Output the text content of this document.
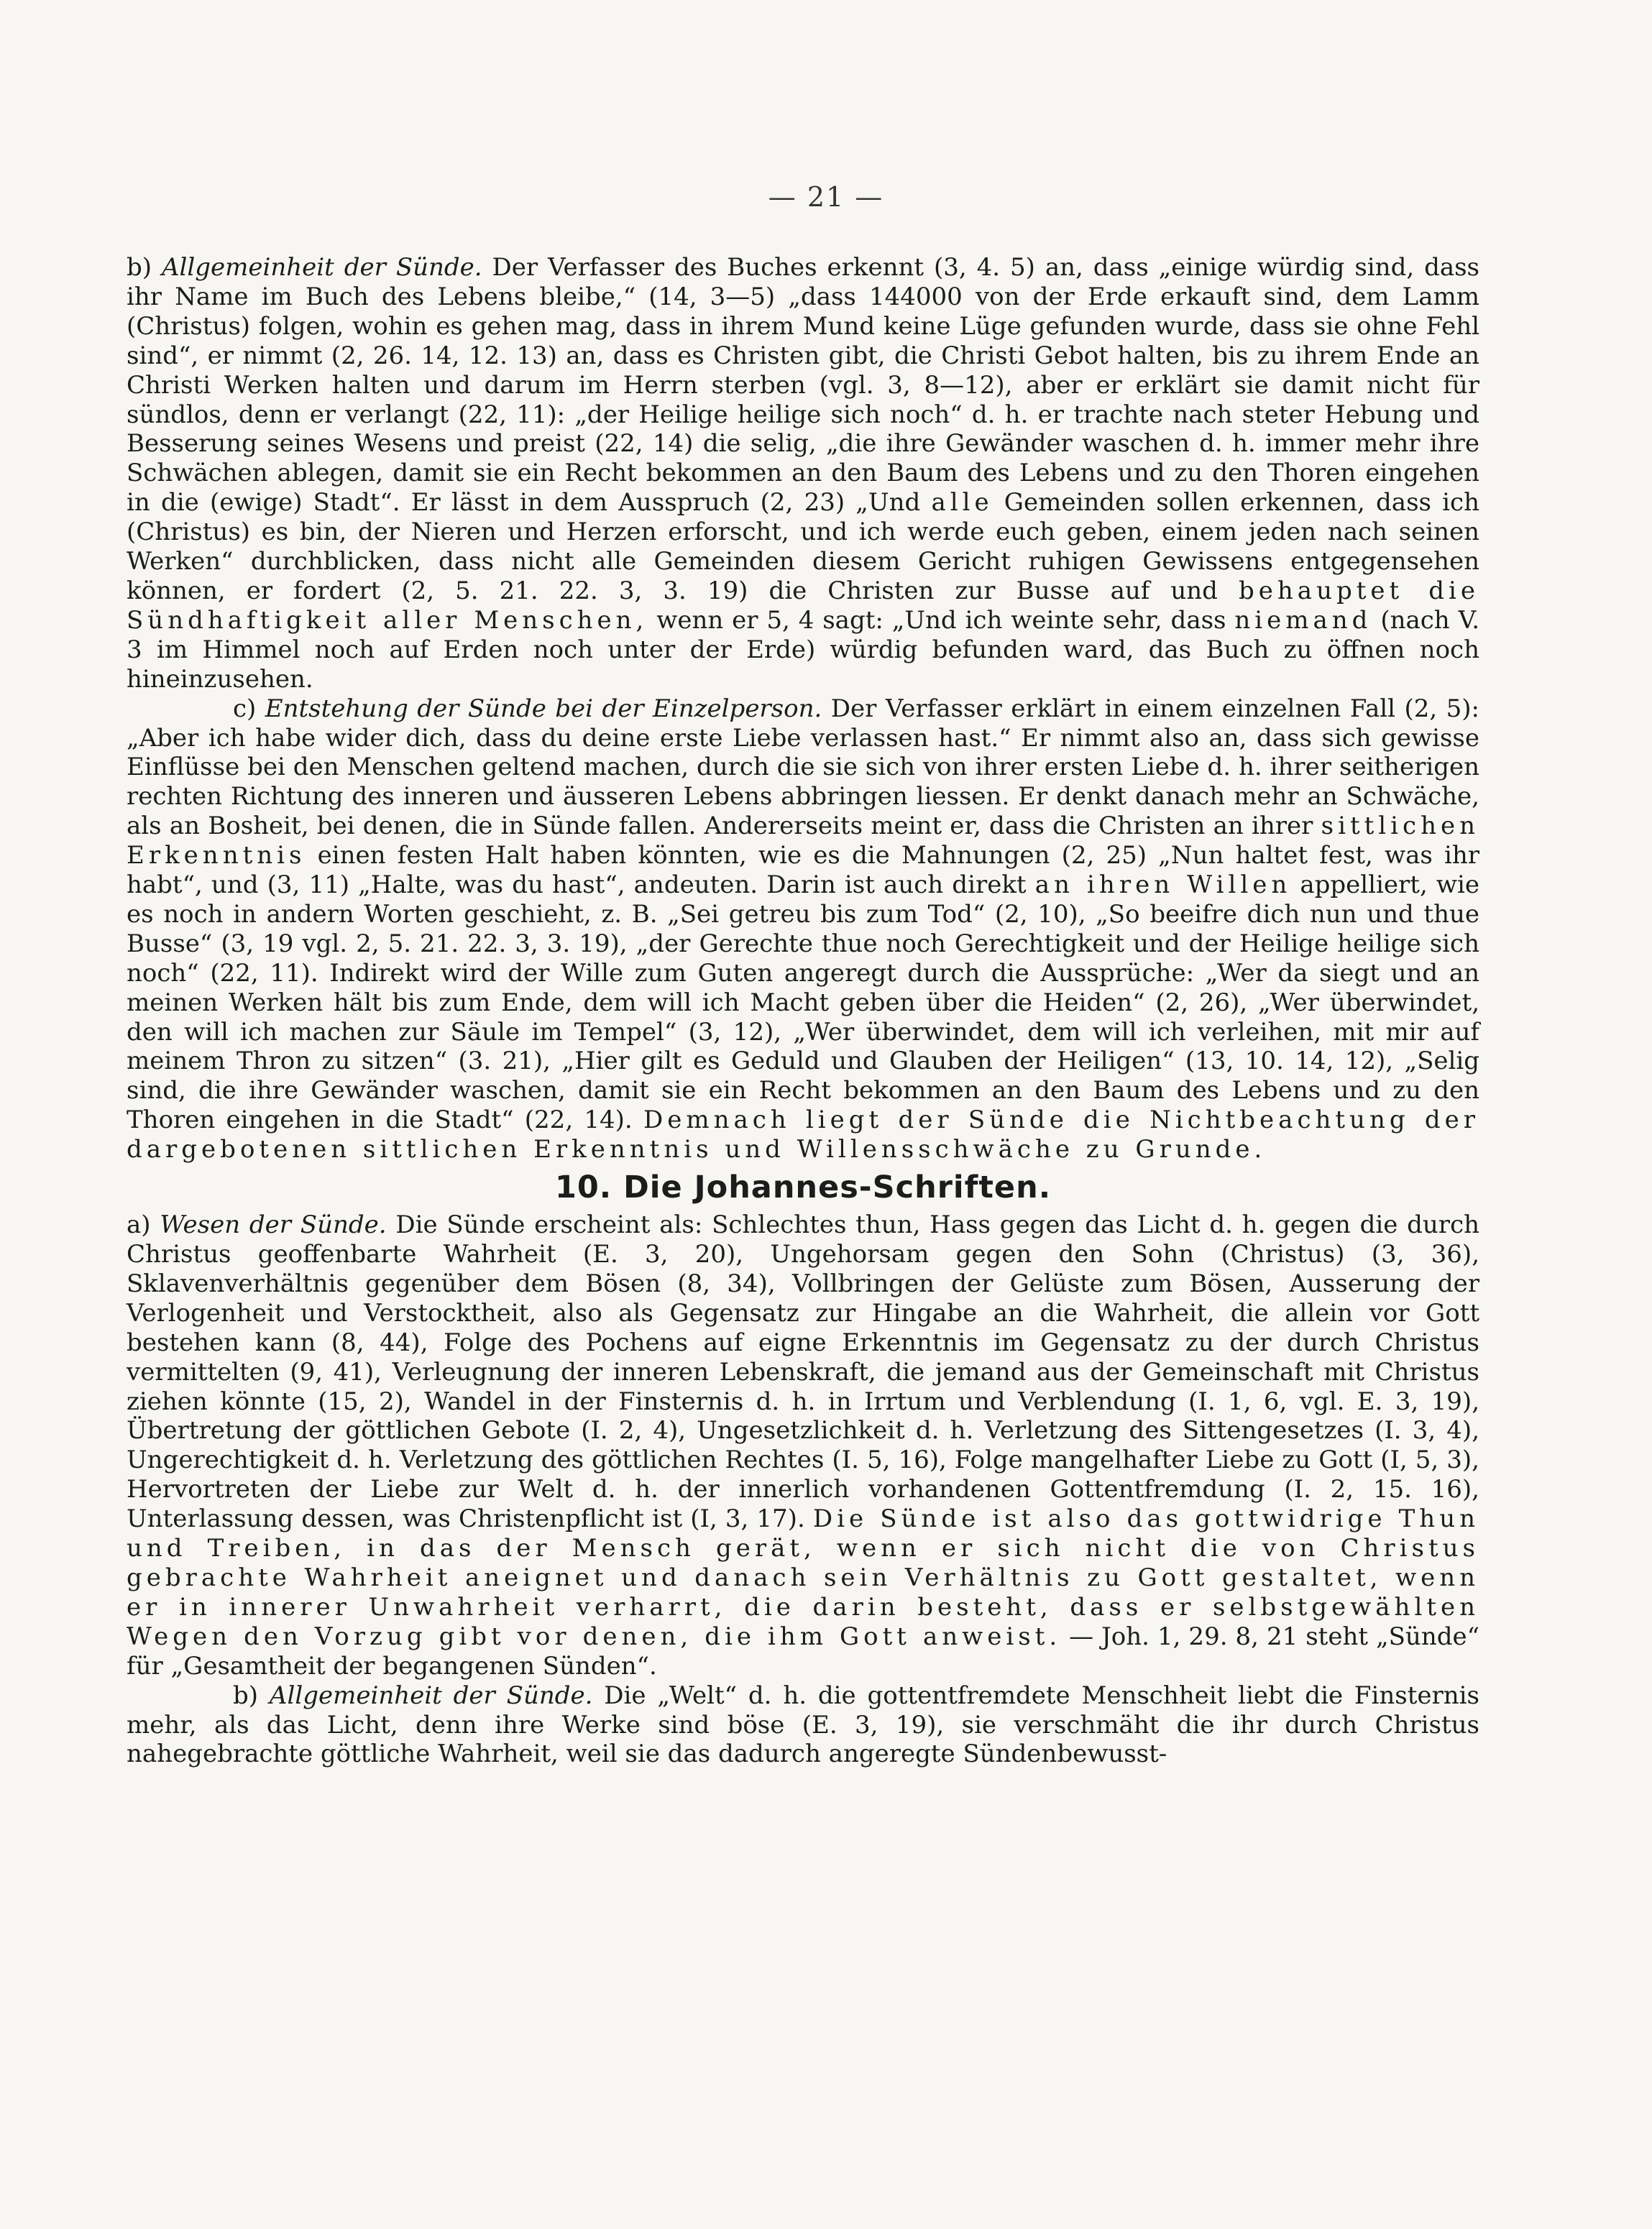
— 21 —

b) Allgemeinheit der Sünde. Der Verfasser des Buches erkennt (3, 4. 5) an, dass „einige würdig sind, dass ihr Name im Buch des Lebens bleibe,“ (14, 3—5) „dass 144000 von der Erde erkauft sind, dem Lamm (Christus) folgen, wohin es gehen mag, dass in ihrem Mund keine Lüge gefunden wurde, dass sie ohne Fehl sind“, er nimmt (2, 26. 14, 12. 13) an, dass es Christen gibt, die Christi Gebot halten, bis zu ihrem Ende an Christi Werken halten und darum im Herrn sterben (vgl. 3, 8—12), aber er erklärt sie damit nicht für sündlos, denn er verlangt (22, 11): „der Heilige heilige sich noch“ d. h. er trachte nach steter Hebung und Besserung seines Wesens und preist (22, 14) die selig, „die ihre Gewänder waschen d. h. immer mehr ihre Schwächen ablegen, damit sie ein Recht bekommen an den Baum des Lebens und zu den Thoren eingehen in die (ewige) Stadt“. Er lässt in dem Ausspruch (2, 23) „Und alle Gemeinden sollen erkennen, dass ich (Christus) es bin, der Nieren und Herzen erforscht, und ich werde euch geben, einem jeden nach seinen Werken“ durchblicken, dass nicht alle Gemeinden diesem Gericht ruhigen Gewissens entgegensehen können, er fordert (2, 5. 21. 22. 3, 3. 19) die Christen zur Busse auf und behauptet die Sündhaftigkeit aller Menschen, wenn er 5, 4 sagt: „Und ich weinte sehr, dass niemand (nach V. 3 im Himmel noch auf Erden noch unter der Erde) würdig befunden ward, das Buch zu öffnen noch hineinzusehen.

c) Entstehung der Sünde bei der Einzelperson. Der Verfasser erklärt in einem einzelnen Fall (2, 5): „Aber ich habe wider dich, dass du deine erste Liebe verlassen hast.“ Er nimmt also an, dass sich gewisse Einflüsse bei den Menschen geltend machen, durch die sie sich von ihrer ersten Liebe d. h. ihrer seitherigen rechten Richtung des inneren und äusseren Lebens abbringen liessen. Er denkt danach mehr an Schwäche, als an Bosheit, bei denen, die in Sünde fallen. Andererseits meint er, dass die Christen an ihrer sittlichen Erkenntnis einen festen Halt haben könnten, wie es die Mahnungen (2, 25) „Nun haltet fest, was ihr habt“, und (3, 11) „Halte, was du hast“, andeuten. Darin ist auch direkt an ihren Willen appelliert, wie es noch in andern Worten geschieht, z. B. „Sei getreu bis zum Tod“ (2, 10), „So beeifre dich nun und thue Busse“ (3, 19 vgl. 2, 5. 21. 22. 3, 3. 19), „der Gerechte thue noch Gerechtigkeit und der Heilige heilige sich noch“ (22, 11). Indirekt wird der Wille zum Guten angeregt durch die Aussprüche: „Wer da siegt und an meinen Werken hält bis zum Ende, dem will ich Macht geben über die Heiden“ (2, 26), „Wer überwindet, den will ich machen zur Säule im Tempel“ (3, 12), „Wer überwindet, dem will ich verleihen, mit mir auf meinem Thron zu sitzen“ (3. 21), „Hier gilt es Geduld und Glauben der Heiligen“ (13, 10. 14, 12), „Selig sind, die ihre Gewänder waschen, damit sie ein Recht bekommen an den Baum des Lebens und zu den Thoren eingehen in die Stadt“ (22, 14). Demnach liegt der Sünde die Nichtbeachtung der dargebotenen sittlichen Erkenntnis und Willensschwäche zu Grunde.

10. Die Johannes-Schriften.

a) Wesen der Sünde. Die Sünde erscheint als: Schlechtes thun, Hass gegen das Licht d. h. gegen die durch Christus geoffenbarte Wahrheit (E. 3, 20), Ungehorsam gegen den Sohn (Christus) (3, 36), Sklavenverhältnis gegenüber dem Bösen (8, 34), Vollbringen der Gelüste zum Bösen, Ausserung der Verlogenheit und Verstocktheit, also als Gegensatz zur Hingabe an die Wahrheit, die allein vor Gott bestehen kann (8, 44), Folge des Pochens auf eigne Erkenntnis im Gegensatz zu der durch Christus vermittelten (9, 41), Verleugnung der inneren Lebenskraft, die jemand aus der Gemeinschaft mit Christus ziehen könnte (15, 2), Wandel in der Finsternis d. h. in Irrtum und Verblendung (I. 1, 6, vgl. E. 3, 19), Übertretung der göttlichen Gebote (I. 2, 4), Ungesetzlichkeit d. h. Verletzung des Sittengesetzes (I. 3, 4), Ungerechtigkeit d. h. Verletzung des göttlichen Rechtes (I. 5, 16), Folge mangelhafter Liebe zu Gott (I, 5, 3), Hervortreten der Liebe zur Welt d. h. der innerlich vorhandenen Gottentfremdung (I. 2, 15. 16), Unterlassung dessen, was Christenpflicht ist (I, 3, 17). Die Sünde ist also das gottwidrige Thun und Treiben, in das der Mensch gerät, wenn er sich nicht die von Christus gebrachte Wahrheit aneignet und danach sein Verhältnis zu Gott gestaltet, wenn er in innerer Unwahrheit verharrt, die darin besteht, dass er selbstgewählten Wegen den Vorzug gibt vor denen, die ihm Gott anweist. — Joh. 1, 29. 8, 21 steht „Sünde“ für „Gesamtheit der begangenen Sünden“.

b) Allgemeinheit der Sünde. Die „Welt“ d. h. die gottentfremdete Menschheit liebt die Finsternis mehr, als das Licht, denn ihre Werke sind böse (E. 3, 19), sie verschmäht die ihr durch Christus nahegebrachte göttliche Wahrheit, weil sie das dadurch angeregte Sündenbewusst-
